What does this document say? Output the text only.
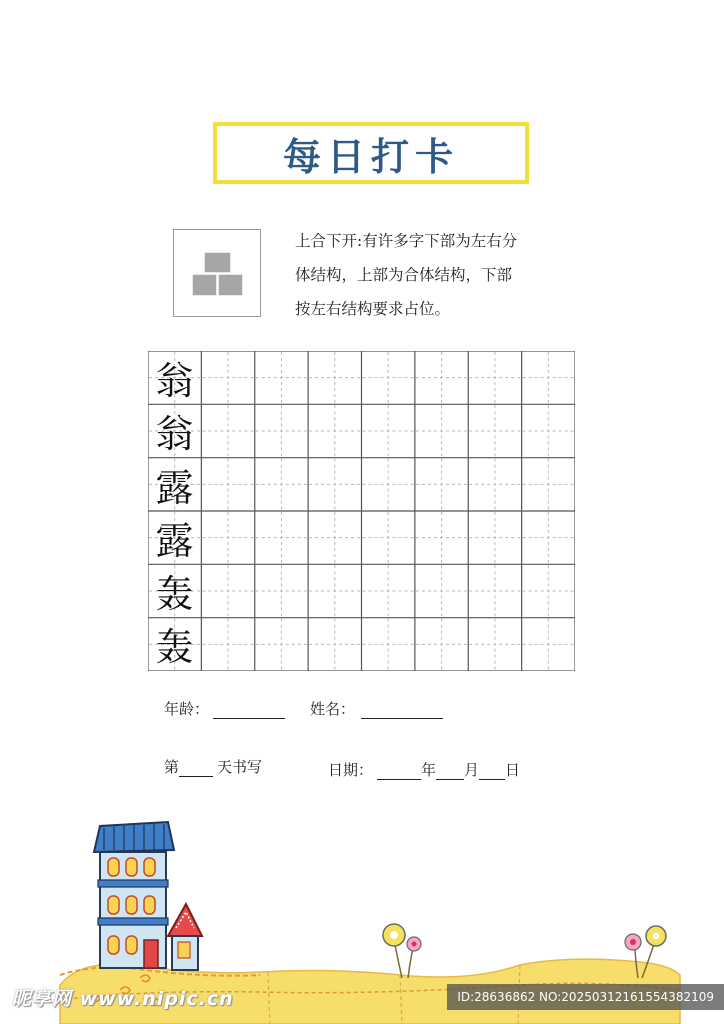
每日打卡
上合下开:有许多字下部为左右分
体结构，上部为合体结构，下部
按左右结构要求占位。
翁
翁
露
露
轰
轰
年龄：	姓名：
第	天书写	日期：	年 月 日
昵享网 www.nipic.cn	ID:28636862 NO:20250312161554382109
